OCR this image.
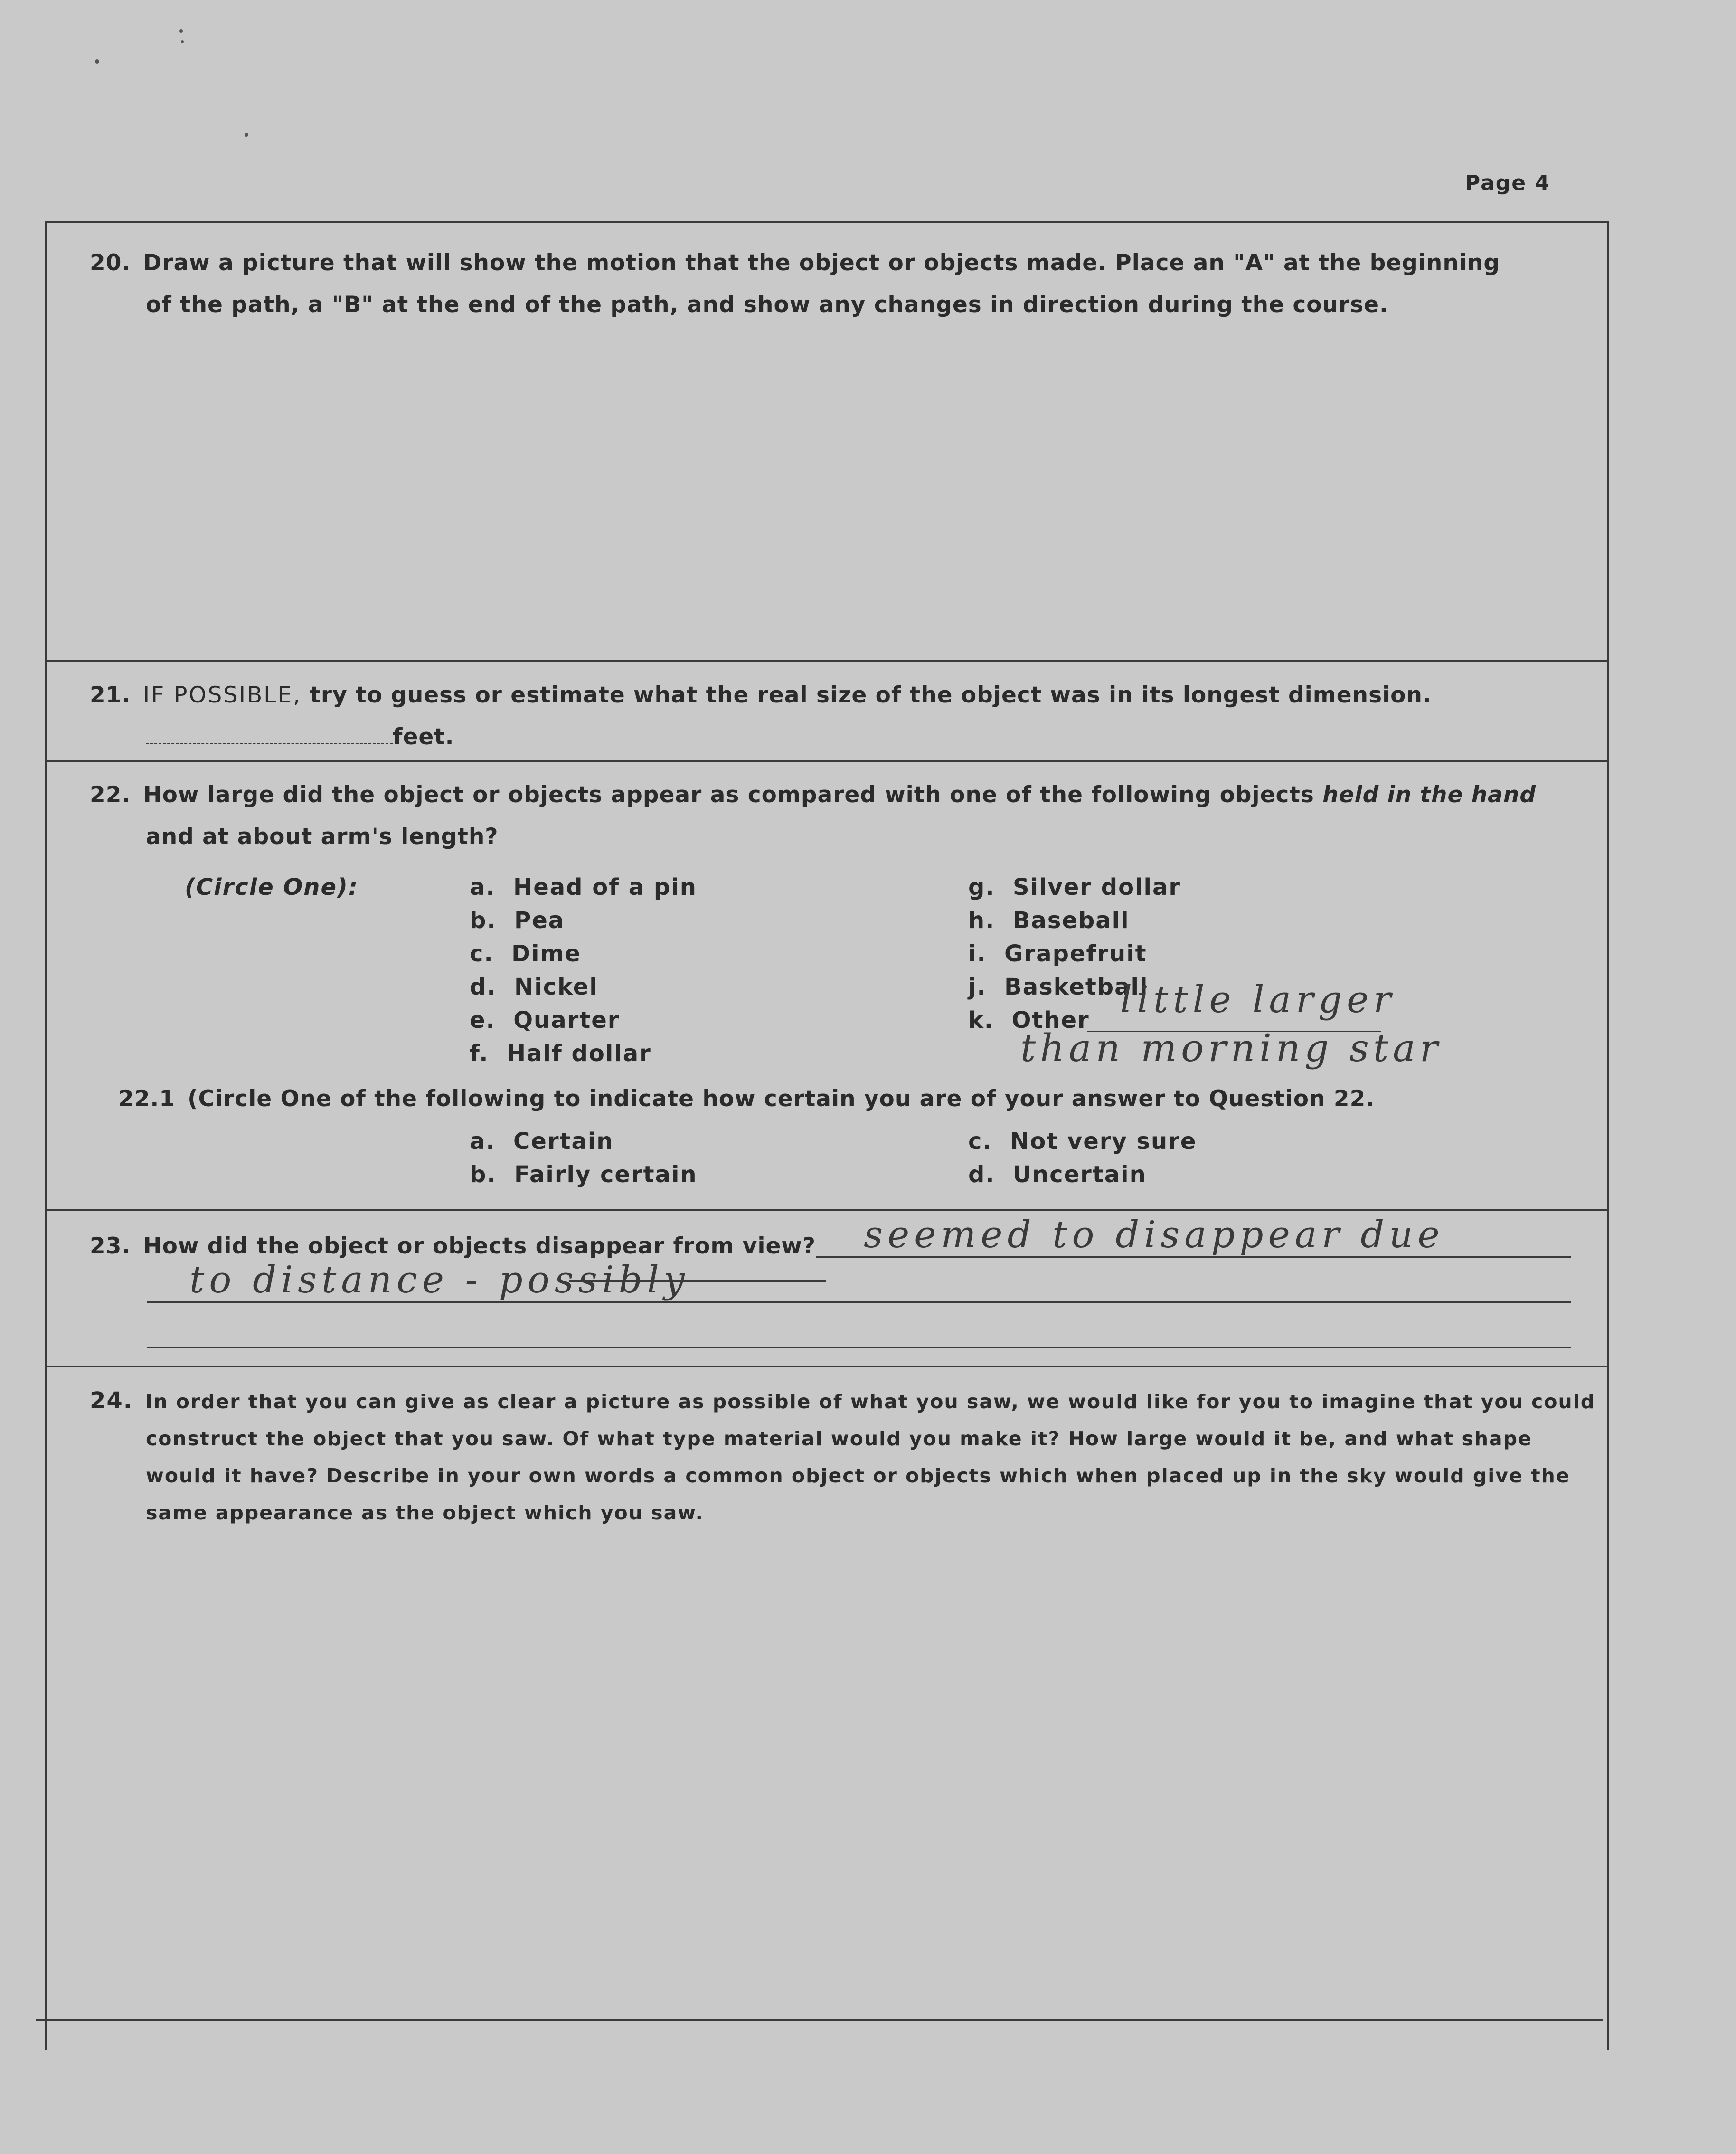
Page 4
20. Draw a picture that will show the motion that the object or objects made. Place an "A" at the beginning
of the path, a "B" at the end of the path, and show any changes in direction during the course.
21. IF POSSIBLE, try to guess or estimate what the real size of the object was in its longest dimension.
feet.
22. How large did the object or objects appear as compared with one of the following objects held in the hand
and at about arm's length?
(Circle One):	a. Head of a pin
b. Pea
c. Dime
d. Nickel
e. Quarter
f. Half dollar
g. Silver dollar
h. Baseball
i. Grapefruit
j. Basketball
k. Other little larger
than morning star
22.1 (Circle One of the following to indicate how certain you are of your answer to Question 22.
a. Certain
b. Fairly certain
c. Not very sure
d. Uncertain
23. How did the object or objects disappear from view? seemed to disappear due
to distance - possibly
24. In order that you can give as clear a picture as possible of what you saw, we would like for you to imagine that you could
construct the object that you saw. Of what type material would you make it? How large would it be, and what shape
would it have? Describe in your own words a common object or objects which when placed up in the sky would give the
same appearance as the object which you saw.
